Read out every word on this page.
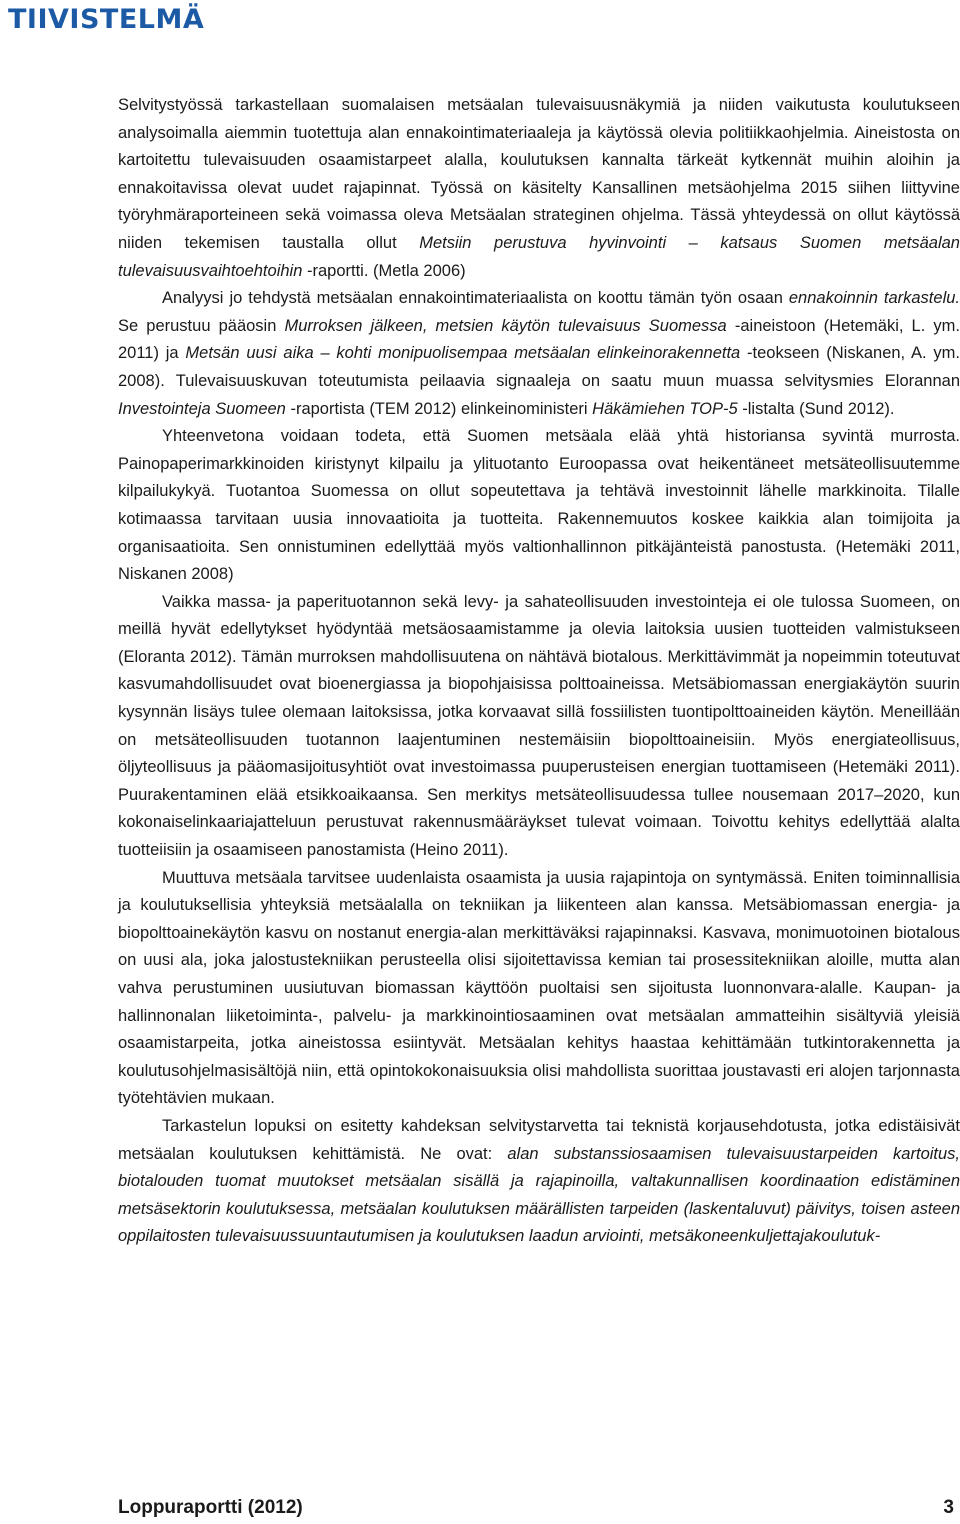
TIIVISTELMÄ

Selvitystyössä tarkastellaan suomalaisen metsäalan tulevaisuusnäkymiä ja niiden vaikutusta koulutukseen analysoimalla aiemmin tuotettuja alan ennakointimateriaaleja ja käytössä olevia politiikkaohjelmia. Aineistosta on kartoitettu tulevaisuuden osaamistarpeet alalla, koulutuksen kannalta tärkeät kytkennät muihin aloihin ja ennakoitavissa olevat uudet rajapinnat. Työssä on käsitelty Kansallinen metsäohjelma 2015 siihen liittyvine työryhmäraporteineen sekä voimassa oleva Metsäalan strateginen ohjelma. Tässä yhteydessä on ollut käytössä niiden tekemisen taustalla ollut Metsiin perustuva hyvinvointi – katsaus Suomen metsäalan tulevaisuusvaihtoehtoihin -raportti. (Metla 2006)

Analyysi jo tehdystä metsäalan ennakointimateriaalista on koottu tämän työn osaan ennakoinnin tarkastelu. Se perustuu pääosin Murroksen jälkeen, metsien käytön tulevaisuus Suomessa -aineistoon (Hetemäki, L. ym. 2011) ja Metsän uusi aika – kohti monipuolisempaa metsäalan elinkeinorakennetta -teokseen (Niskanen, A. ym. 2008). Tulevaisuuskuvan toteutumista peilaavia signaaleja on saatu muun muassa selvitysmies Elorannan Investointeja Suomeen -raportista (TEM 2012) elinkeinoministeri Häkämiehen TOP-5 -listalta (Sund 2012).

Yhteenvetona voidaan todeta, että Suomen metsäala elää yhtä historiansa syvintä murrosta. Painopaperimarkkinoiden kiristynyt kilpailu ja ylituotanto Euroopassa ovat heikentäneet metsäteollisuutemme kilpailukykyä. Tuotantoa Suomessa on ollut sopeutettava ja tehtävä investoinnit lähelle markkinoita. Tilalle kotimaassa tarvitaan uusia innovaatioita ja tuotteita. Rakennemuutos koskee kaikkia alan toimijoita ja organisaatioita. Sen onnistuminen edellyttää myös valtionhallinnon pitkäjänteistä panostusta. (Hetemäki 2011, Niskanen 2008)

Vaikka massa- ja paperituotannon sekä levy- ja sahateollisuuden investointeja ei ole tulossa Suomeen, on meillä hyvät edellytykset hyödyntää metsäosaamistamme ja olevia laitoksia uusien tuotteiden valmistukseen (Eloranta 2012). Tämän murroksen mahdollisuutena on nähtävä biotalous. Merkittävimmät ja nopeimmin toteutuvat kasvumahdollisuudet ovat bioenergiassa ja biopohjaisissa polttoaineissa. Metsäbiomassan energiakäytön suurin kysynnän lisäys tulee olemaan laitoksissa, jotka korvaavat sillä fossiilisten tuontipolttoaineiden käytön. Meneillään on metsäteollisuuden tuotannon laajentuminen nestemäisiin biopolttoaineisiin. Myös energiateollisuus, öljyteollisuus ja pääomasijoitusyhtiöt ovat investoimassa puuperusteisen energian tuottamiseen (Hetemäki 2011). Puurakentaminen elää etsikkoaikaansa. Sen merkitys metsäteollisuudessa tullee nousemaan 2017–2020, kun kokonaiselinkaariajatteluun perustuvat rakennusmääräykset tulevat voimaan. Toivottu kehitys edellyttää alalta tuotteiisiin ja osaamiseen panostamista (Heino 2011).

Muuttuva metsäala tarvitsee uudenlaista osaamista ja uusia rajapintoja on syntymässä. Eniten toiminnallisia ja koulutuksellisia yhteyksiä metsäalalla on tekniikan ja liikenteen alan kanssa. Metsäbiomassan energia- ja biopolttoainekäytön kasvu on nostanut energia-alan merkittäväksi rajapinnaksi. Kasvava, monimuotoinen biotalous on uusi ala, joka jalostustekniikan perusteella olisi sijoitettavissa kemian tai prosessitekniikan aloille, mutta alan vahva perustuminen uusiutuvan biomassan käyttöön puoltaisi sen sijoitusta luonnonvara-alalle. Kaupan- ja hallinnonalan liiketoiminta-, palvelu- ja markkinointiosaaminen ovat metsäalan ammatteihin sisältyviä yleisiä osaamistarpeita, jotka aineistossa esiintyvät. Metsäalan kehitys haastaa kehittämään tutkintorakennetta ja koulutusohjelmasisältöjä niin, että opintokokonaisuuksia olisi mahdollista suorittaa joustavasti eri alojen tarjonnasta työtehtävien mukaan.

Tarkastelun lopuksi on esitetty kahdeksan selvitystarvetta tai teknistä korjausehdotusta, jotka edistäisivät metsäalan koulutuksen kehittämistä. Ne ovat: alan substanssiosaamisen tulevaisuustarpeiden kartoitus, biotalouden tuomat muutokset metsäalan sisällä ja rajapinoilla, valtakunnallisen koordinaation edistäminen metsäsektorin koulutuksessa, metsäalan koulutuksen määrällisten tarpeiden (laskentaluvut) päivitys, toisen asteen oppilaitosten tulevaisuussuuntautumisen ja koulutuksen laadun arviointi, metsäkoneenkuljettajakoulutuk-

Loppuraportti (2012)	3
